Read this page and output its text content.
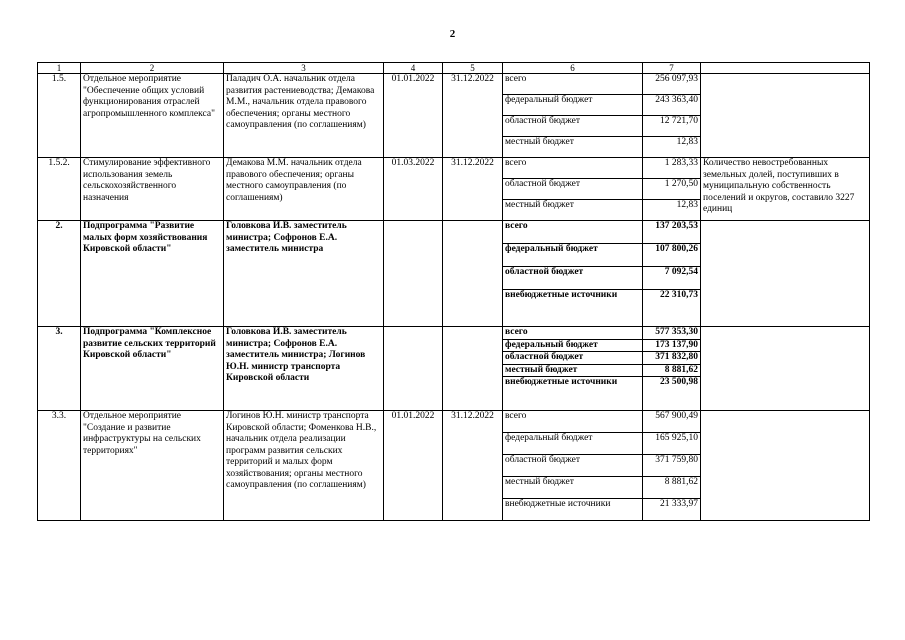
2
1	2	3	4	5	6	7	
1.5.	Отдельное мероприятие "Обеспечение общих условий функционирования отраслей агропромышленного комплекса"	Паладич О.А. начальник отдела развития растениеводства; Демакова М.М., начальник отдела правового обеспечения; органы местного самоуправления (по соглашениям)	01.01.2022	31.12.2022	всего	256 097,93	
					федеральный бюджет	243 363,40	
					областной бюджет	12 721,70	
					местный бюджет	12,83	
1.5.2.	Стимулирование эффективного использования земель сельскохозяйственного назначения	Демакова М.М. начальник отдела правового обеспечения; органы местного самоуправления (по соглашениям)	01.03.2022	31.12.2022	всего	1 283,33	Количество невостребованных земельных долей, поступивших в муниципальную собственность поселений и округов, составило 3227 единиц
					областной бюджет	1 270,50	
					местный бюджет	12,83	
2.	Подпрограмма "Развитие малых форм хозяйствования Кировской области"	Головкова И.В. заместитель министра; Софронов Е.А. заместитель министра			всего	137 203,53	
					федеральный бюджет	107 800,26	
					областной бюджет	7 092,54	
					внебюджетные источники	22 310,73	
3.	Подпрограмма "Комплексное развитие сельских территорий Кировской области"	Головкова И.В. заместитель министра; Софронов Е.А. заместитель министра; Логинов Ю.Н. министр транспорта Кировской области			всего	577 353,30	
					федеральный бюджет	173 137,90	
					областной бюджет	371 832,80	
					местный бюджет	8 881,62	
					внебюджетные источники	23 500,98	
3.3.	Отдельное мероприятие "Создание и развитие инфраструктуры на сельских территориях"	Логинов Ю.Н. министр транспорта Кировской области; Фоменкова Н.В., начальник отдела реализации программ развития сельских территорий и малых форм хозяйствования; органы местного самоуправления (по соглашениям)	01.01.2022	31.12.2022	всего	567 900,49	
					федеральный бюджет	165 925,10	
					областной бюджет	371 759,80	
					местный бюджет	8 881,62	
					внебюджетные источники	21 333,97	
